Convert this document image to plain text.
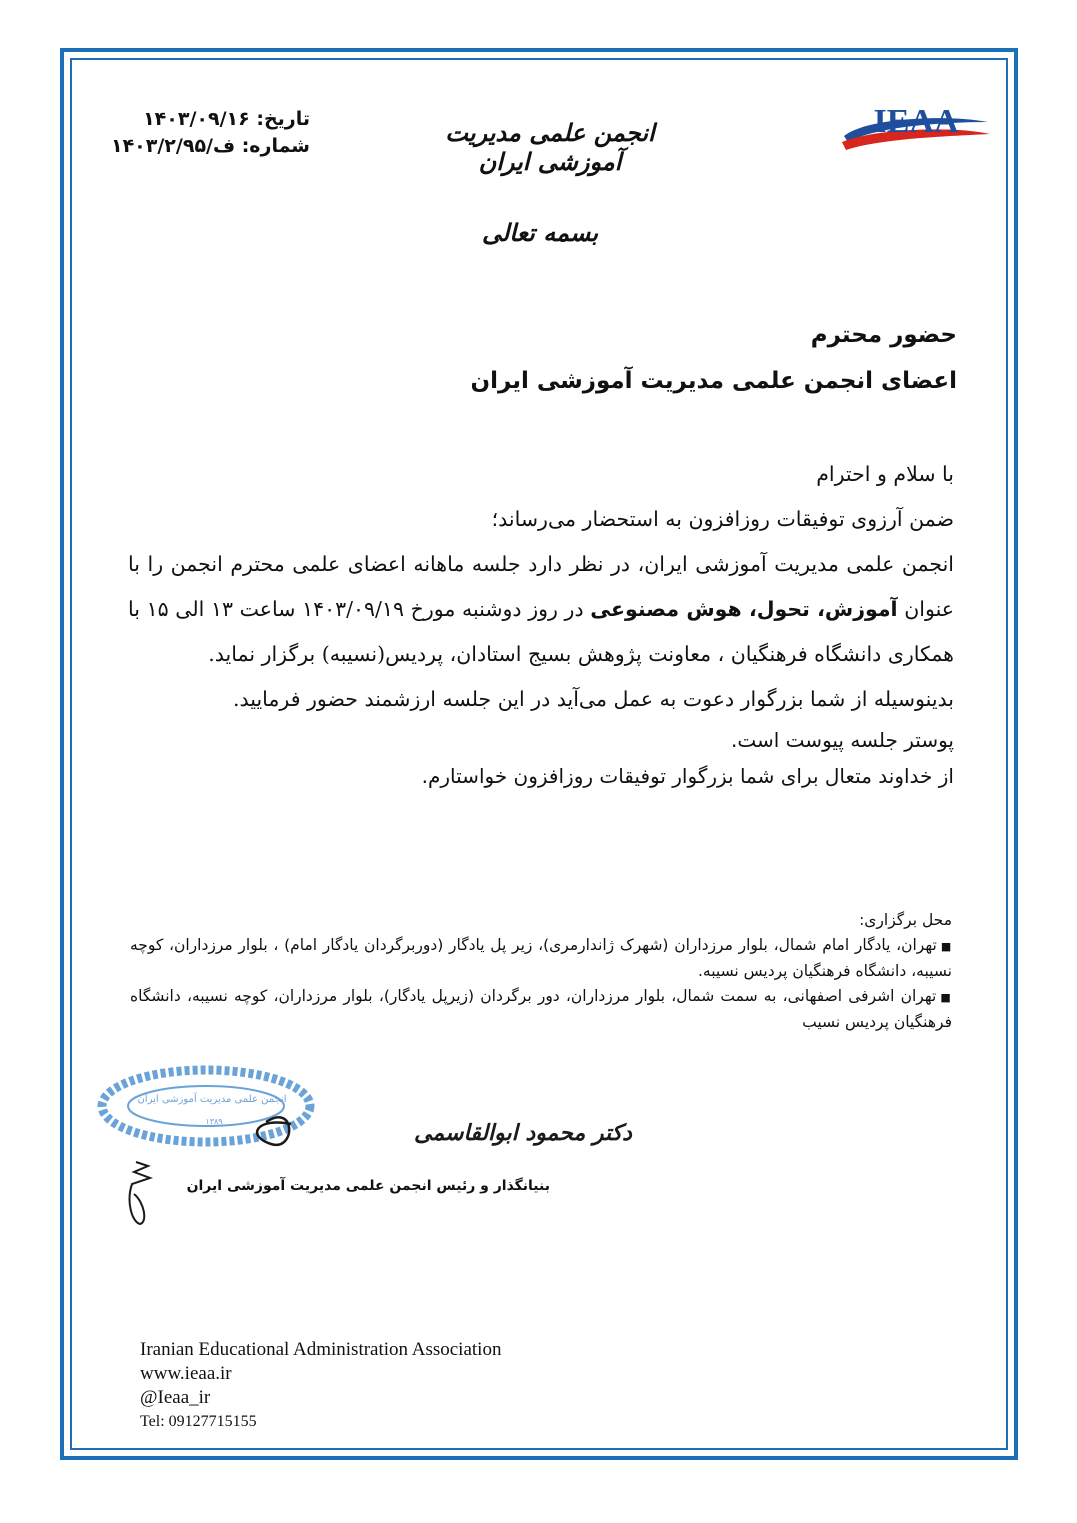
IEAA
انجمن علمی مدیریت آموزشی ایران
تاریخ: ۱۴۰۳/۰۹/۱۶
شماره: ف/۱۴۰۳/۲/۹۵
بسمه تعالی
حضور محترم
اعضای انجمن علمی مدیریت آموزشی ایران

با سلام و احترام

ضمن آرزوی توفیقات روزافزون به استحضار می‌رساند؛

انجمن علمی مدیریت آموزشی ایران، در نظر دارد جلسه ماهانه اعضای علمی محترم انجمن را با عنوان آموزش، تحول، هوش مصنوعی در روز دوشنبه مورخ ۱۴۰۳/۰۹/۱۹ ساعت ۱۳ الی ۱۵ با همکاری دانشگاه فرهنگیان ، معاونت پژوهش بسیج استادان، پردیس(نسیبه) برگزار نماید.

بدینوسیله از شما بزرگوار دعوت به عمل می‌آید در این جلسه ارزشمند حضور فرمایید.

پوستر جلسه پیوست است.

از خداوند متعال برای شما بزرگوار توفیقات روزافزون خواستارم.

محل برگزاری:

■تهران، یادگار امام شمال، بلوار مرزداران (شهرک ژاندارمری)، زیر پل یادگار (دوربرگردان یادگار امام) ، بلوار مرزداران، کوچه نسیبه، دانشگاه فرهنگیان پردیس نسیبه.

■تهران اشرفی اصفهانی، به سمت شمال، بلوار مرزداران، دور برگردان (زیرپل یادگار)، بلوار مرزداران، کوچه نسیبه، دانشگاه فرهنگیان پردیس نسیب

انجمن علمی مدیریت آموزشی ایران
۱۳۸۹	دکتر محمود ابوالقاسمی
بنیانگذار و رئیس انجمن علمی مدیریت آموزشی ایران
Iranian Educational Administration Association
www.ieaa.ir
@Ieaa_ir
Tel: 09127715155
